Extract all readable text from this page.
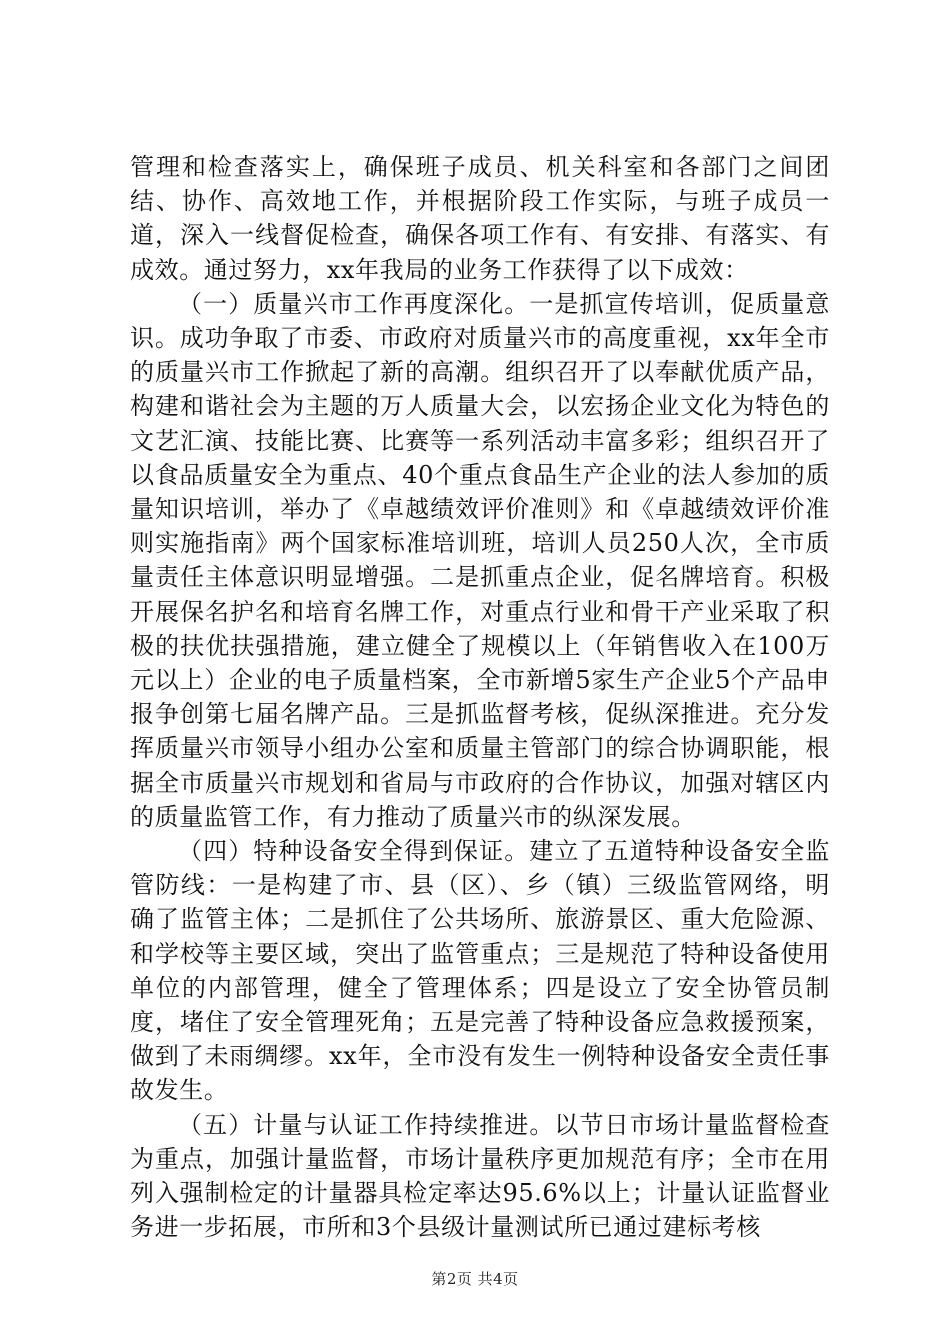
管理和检查落实上，确保班子成员、机关科室和各部门之间团结、协作、高效地工作，并根据阶段工作实际，与班子成员一道，深入一线督促检查，确保各项工作有、有安排、有落实、有成效。通过努力，xx年我局的业务工作获得了以下成效：

（一）质量兴市工作再度深化。一是抓宣传培训，促质量意识。成功争取了市委、市政府对质量兴市的高度重视，xx年全市的质量兴市工作掀起了新的高潮。组织召开了以奉献优质产品，构建和谐社会为主题的万人质量大会，以宏扬企业文化为特色的文艺汇演、技能比赛、比赛等一系列活动丰富多彩；组织召开了以食品质量安全为重点、40个重点食品生产企业的法人参加的质量知识培训，举办了《卓越绩效评价准则》和《卓越绩效评价准则实施指南》两个国家标准培训班，培训人员250人次，全市质量责任主体意识明显增强。二是抓重点企业，促名牌培育。积极开展保名护名和培育名牌工作，对重点行业和骨干产业采取了积极的扶优扶强措施，建立健全了规模以上（年销售收入在100万元以上）企业的电子质量档案，全市新增5家生产企业5个产品申报争创第七届名牌产品。三是抓监督考核，促纵深推进。充分发挥质量兴市领导小组办公室和质量主管部门的综合协调职能，根据全市质量兴市规划和省局与市政府的合作协议，加强对辖区内的质量监管工作，有力推动了质量兴市的纵深发展。

（四）特种设备安全得到保证。建立了五道特种设备安全监管防线：一是构建了市、县（区）、乡（镇）三级监管网络，明确了监管主体；二是抓住了公共场所、旅游景区、重大危险源、和学校等主要区域，突出了监管重点；三是规范了特种设备使用单位的内部管理，健全了管理体系；四是设立了安全协管员制度，堵住了安全管理死角；五是完善了特种设备应急救援预案，做到了未雨绸缪。xx年，全市没有发生一例特种设备安全责任事故发生。

（五）计量与认证工作持续推进。以节日市场计量监督检查为重点，加强计量监督，市场计量秩序更加规范有序；全市在用列入强制检定的计量器具检定率达95.6%以上；计量认证监督业务进一步拓展，市所和3个县级计量测试所已通过建标考核

第2页 共4页
